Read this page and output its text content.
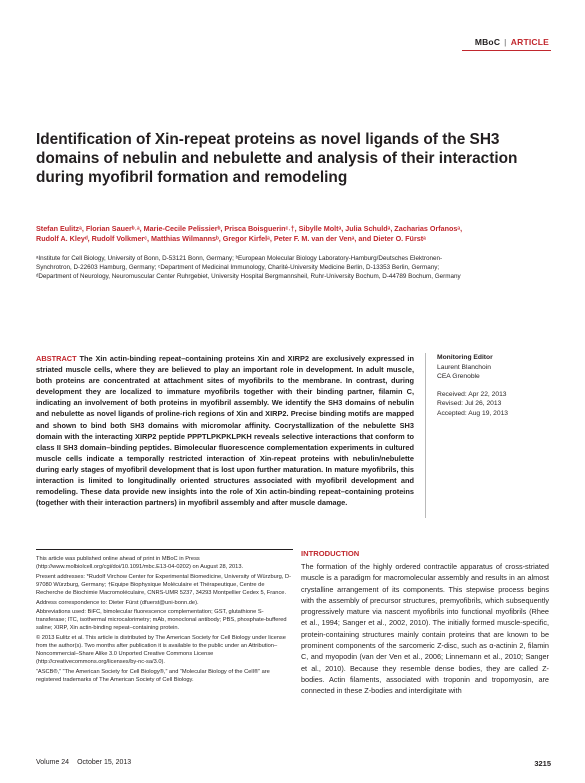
MBoC | ARTICLE
Identification of Xin-repeat proteins as novel ligands of the SH3 domains of nebulin and nebulette and analysis of their interaction during myofibril formation and remodeling
Stefan Eulitzᵃ, Florian Sauerᵇ˒ᵃ, Marie-Cecile Pelissierᵇ, Prisca Boisguerinᶜ˒†, Sibylle Moltᵃ, Julia Schuldᵃ, Zacharias Orfanosᵃ, Rudolf A. Kleyᵈ, Rudolf Volkmerᶜ, Matthias Wilmannsᵇ, Gregor Kirfelᵃ, Peter F. M. van der Venᵃ, and Dieter O. Fürstᵃ
ᵃInstitute for Cell Biology, University of Bonn, D-53121 Bonn, Germany; ᵇEuropean Molecular Biology Laboratory-Hamburg/Deutsches Elektronen-Synchrotron, D-22603 Hamburg, Germany; ᶜDepartment of Medicinal Immunology, Charité-University Medicine Berlin, D-13353 Berlin, Germany; ᵈDepartment of Neurology, Neuromuscular Center Ruhrgebiet, University Hospital Bergmannsheil, Ruhr-University Bochum, D-44789 Bochum, Germany
ABSTRACT The Xin actin-binding repeat–containing proteins Xin and XIRP2 are exclusively expressed in striated muscle cells, where they are believed to play an important role in development. In adult muscle, both proteins are concentrated at attachment sites of myofibrils to the membrane. In contrast, during development they are localized to immature myofibrils together with their binding partner, filamin C, indicating an involvement of both proteins in myofibril assembly. We identify the SH3 domains of nebulin and nebulette as novel ligands of proline-rich regions of Xin and XIRP2. Precise binding motifs are mapped and shown to bind both SH3 domains with micromolar affinity. Cocrystallization of the nebulette SH3 domain with the interacting XIRP2 peptide PPPTLPKPKLPKH reveals selective interactions that conform to class II SH3 domain–binding peptides. Bimolecular fluorescence complementation experiments in cultured muscle cells indicate a temporally restricted interaction of Xin-repeat proteins with nebulin/nebulette during early stages of myofibril development that is lost upon further maturation. In mature myofibrils, this interaction is limited to longitudinally oriented structures associated with myofibril development and remodeling. These data provide new insights into the role of Xin actin-binding repeat–containing proteins (together with their interaction partners) in myofibril assembly and after muscle damage.
Monitoring Editor
Laurent Blanchoin
CEA Grenoble
Received: Apr 22, 2013
Revised: Jul 26, 2013
Accepted: Aug 19, 2013

This article was published online ahead of print in MBoC in Press (http://www.molbiolcell.org/cgi/doi/10.1091/mbc.E13-04-0202) on August 28, 2013.

Present addresses: *Rudolf Virchow Center for Experimental Biomedicine, University of Würzburg, D-97080 Würzburg, Germany; †Equipe Biophysique Moléculaire et Thérapeutique, Centre de Recherche de Biochimie Macromoléculaire, CNRS-UMR 5237, 34293 Montpellier Cedex 5, France.

Address correspondence to: Dieter Fürst (dfuerst@uni-bonn.de).

Abbreviations used: BiFC, bimolecular fluorescence complementation; GST, glutathione S-transferase; ITC, isothermal microcalorimetry; mAb, monoclonal antibody; PBS, phosphate-buffered saline; XIRP, Xin actin-binding repeat–containing protein.

© 2013 Eulitz et al. This article is distributed by The American Society for Cell Biology under license from the author(s). Two months after publication it is available to the public under an Attribution–Noncommercial–Share Alike 3.0 Unported Creative Commons License (http://creativecommons.org/licenses/by-nc-sa/3.0).

“ASCB®,” “The American Society for Cell Biology®,” and “Molecular Biology of the Cell®” are registered trademarks of The American Society of Cell Biology.

INTRODUCTION
The formation of the highly ordered contractile apparatus of cross-striated muscle is a paradigm for macromolecular assembly and results in an almost crystalline arrangement of its components. This stepwise process begins with the assembly of precursor structures, premyofibrils, which subsequently progressively mature via nascent myofibrils into functional myofibrils (Rhee et al., 1994; Sanger et al., 2002, 2010). The initially formed muscle-specific, protein-containing structures mainly contain proteins that are known to be prominent components of the sarcomeric Z-disc, such as α-actinin 2, filamin C, and myopodin (van der Ven et al., 2006; Linnemann et al., 2010; Sanger et al., 2010). Because they resemble dense bodies, they are called Z-bodies. Actin filaments, associated with troponin and tropomyosin, are connected in these Z-bodies and interdigitate with
Volume 24 October 15, 2013	3215
